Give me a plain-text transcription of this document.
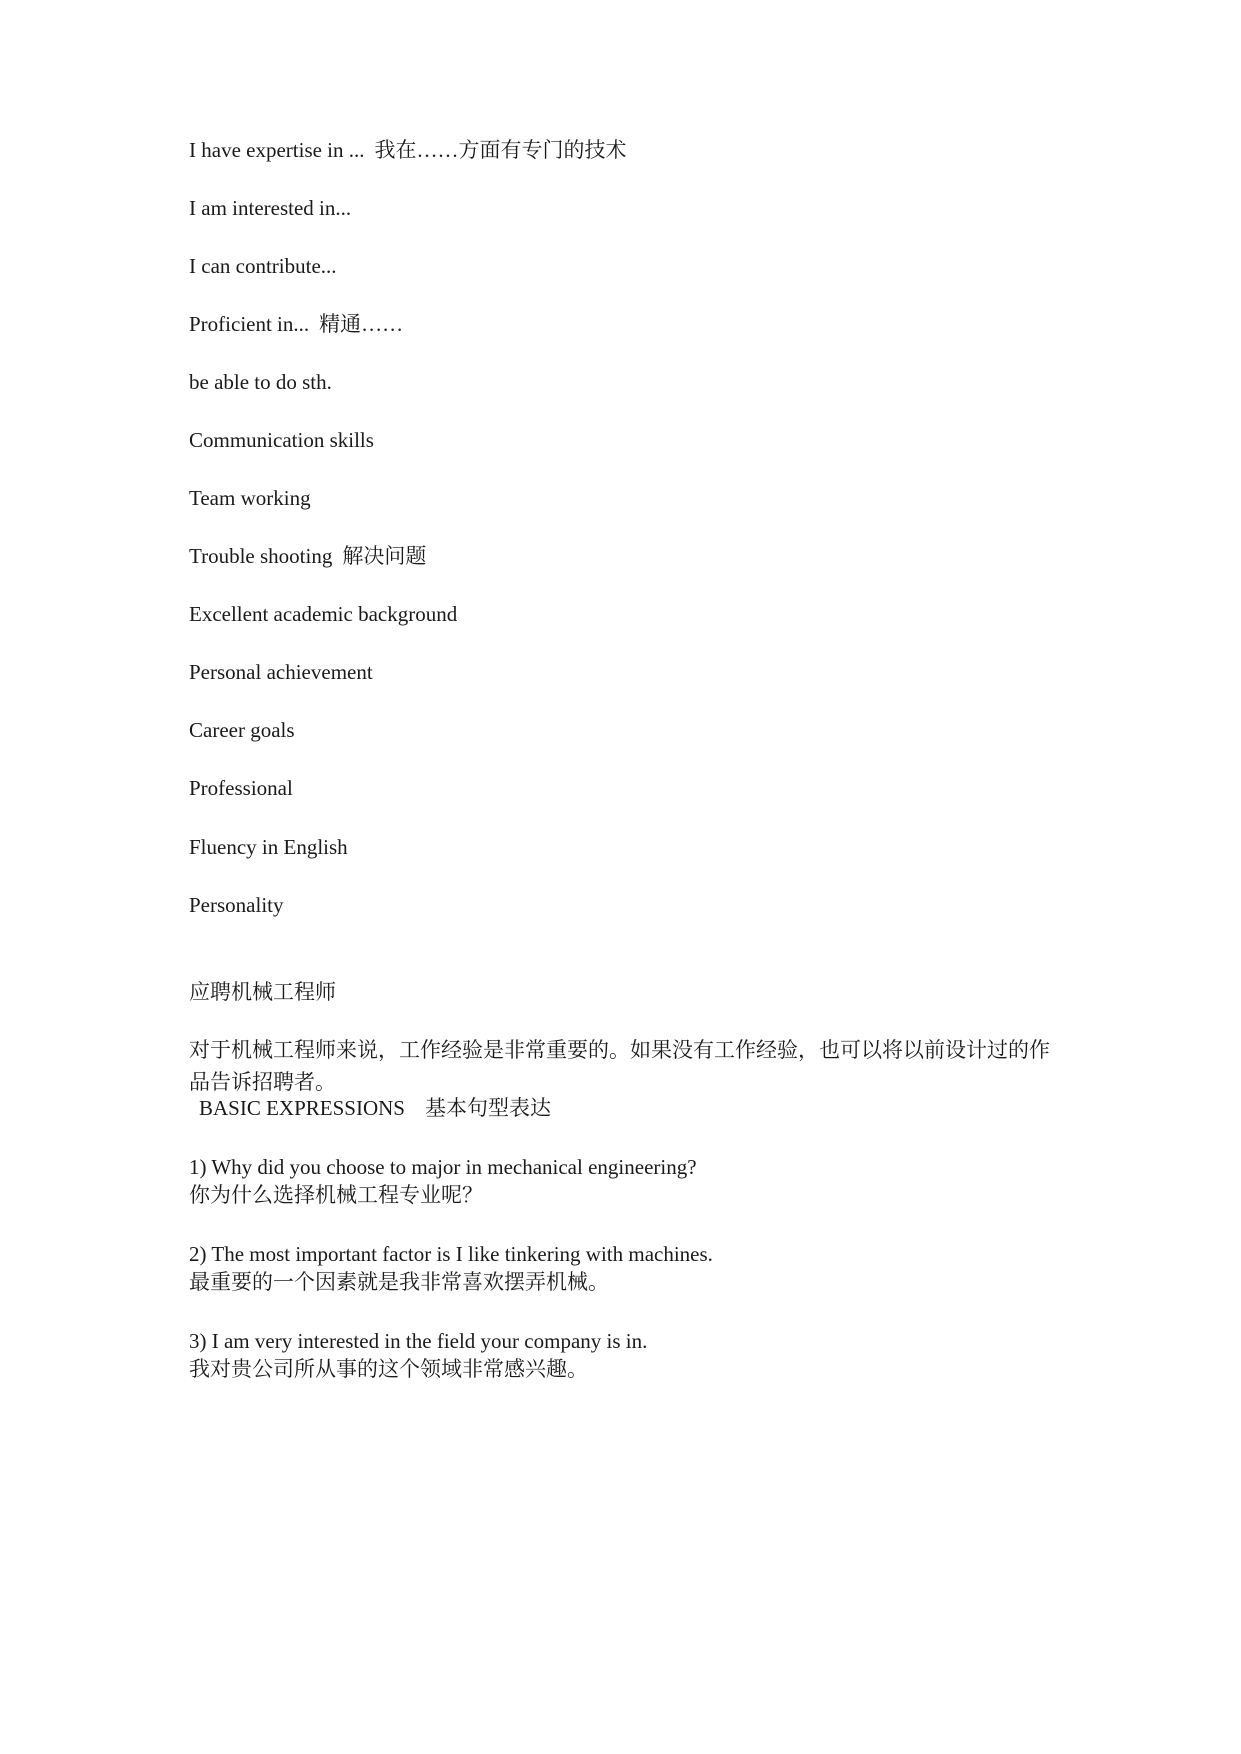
I have expertise in ... 我在……方面有专门的技术
I am interested in...
I can contribute...
Proficient in... 精通……
be able to do sth.
Communication skills
Team working
Trouble shooting 解决问题
Excellent academic background
Personal achievement
Career goals
Professional
Fluency in English
Personality
应聘机械工程师
对于机械工程师来说，工作经验是非常重要的。如果没有工作经验，也可以将以前设计过的作品告诉招聘者。
BASIC EXPRESSIONS 基本句型表达
1) Why did you choose to major in mechanical engineering?
你为什么选择机械工程专业呢？
2) The most important factor is I like tinkering with machines.
最重要的一个因素就是我非常喜欢摆弄机械。
3) I am very interested in the field your company is in.
我对贵公司所从事的这个领域非常感兴趣。
